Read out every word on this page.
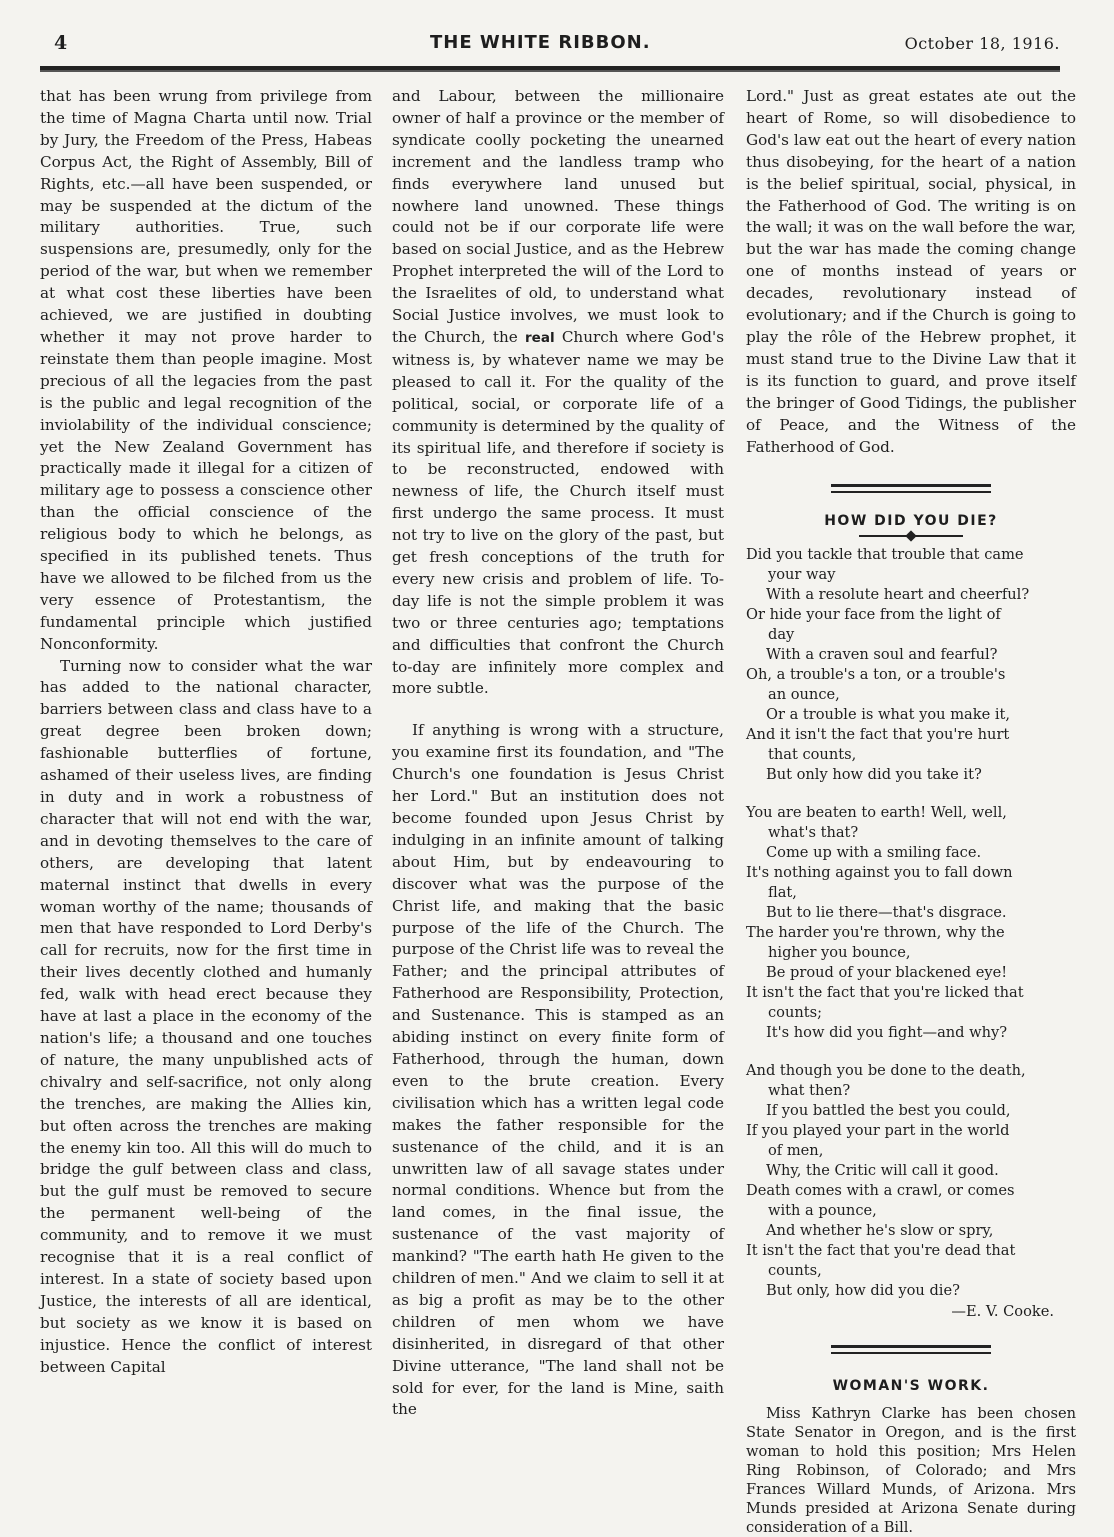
4	THE WHITE RIBBON.	October 18, 1916.

that has been wrung from privilege from the time of Magna Charta until now. Trial by Jury, the Freedom of the Press, Habeas Corpus Act, the Right of Assembly, Bill of Rights, etc.—all have been suspended, or may be suspended at the dictum of the military authorities. True, such suspensions are, presumedly, only for the period of the war, but when we remember at what cost these liberties have been achieved, we are justified in doubting whether it may not prove harder to reinstate them than people imagine. Most precious of all the legacies from the past is the public and legal recognition of the inviolability of the individual conscience; yet the New Zealand Government has practically made it illegal for a citizen of military age to possess a conscience other than the official conscience of the religious body to which he belongs, as specified in its published tenets. Thus have we allowed to be filched from us the very essence of Protestantism, the fundamental principle which justified Nonconformity.

Turning now to consider what the war has added to the national character, barriers between class and class have to a great degree been broken down; fashionable butterflies of fortune, ashamed of their useless lives, are finding in duty and in work a robustness of character that will not end with the war, and in devoting themselves to the care of others, are developing that latent maternal instinct that dwells in every woman worthy of the name; thousands of men that have responded to Lord Derby's call for recruits, now for the first time in their lives decently clothed and humanly fed, walk with head erect because they have at last a place in the economy of the nation's life; a thousand and one touches of nature, the many unpublished acts of chivalry and self-sacrifice, not only along the trenches, are making the Allies kin, but often across the trenches are making the enemy kin too. All this will do much to bridge the gulf between class and class, but the gulf must be removed to secure the permanent well-being of the community, and to remove it we must recognise that it is a real conflict of interest. In a state of society based upon Justice, the interests of all are identical, but society as we know it is based on injustice. Hence the conflict of interest between Capital

and Labour, between the millionaire owner of half a province or the member of syndicate coolly pocketing the unearned increment and the landless tramp who finds everywhere land unused but nowhere land unowned. These things could not be if our corporate life were based on social Justice, and as the Hebrew Prophet interpreted the will of the Lord to the Israelites of old, to understand what Social Justice involves, we must look to the Church, the real Church where God's witness is, by whatever name we may be pleased to call it. For the quality of the political, social, or corporate life of a community is determined by the quality of its spiritual life, and therefore if society is to be reconstructed, endowed with newness of life, the Church itself must first undergo the same process. It must not try to live on the glory of the past, but get fresh conceptions of the truth for every new crisis and problem of life. To-day life is not the simple problem it was two or three centuries ago; temptations and difficulties that confront the Church to-day are infinitely more complex and more subtle.

If anything is wrong with a structure, you examine first its foundation, and "The Church's one foundation is Jesus Christ her Lord." But an institution does not become founded upon Jesus Christ by indulging in an infinite amount of talking about Him, but by endeavouring to discover what was the purpose of the Christ life, and making that the basic purpose of the life of the Church. The purpose of the Christ life was to reveal the Father; and the principal attributes of Fatherhood are Responsibility, Protection, and Sustenance. This is stamped as an abiding instinct on every finite form of Fatherhood, through the human, down even to the brute creation. Every civilisation which has a written legal code makes the father responsible for the sustenance of the child, and it is an unwritten law of all savage states under normal conditions. Whence but from the land comes, in the final issue, the sustenance of the vast majority of mankind? "The earth hath He given to the children of men." And we claim to sell it at as big a profit as may be to the other children of men whom we have disinherited, in disregard of that other Divine utterance, "The land shall not be sold for ever, for the land is Mine, saith the

Lord." Just as great estates ate out the heart of Rome, so will disobedience to God's law eat out the heart of every nation thus disobeying, for the heart of a nation is the belief spiritual, social, physical, in the Fatherhood of God. The writing is on the wall; it was on the wall before the war, but the war has made the coming change one of months instead of years or decades, revolutionary instead of evolutionary; and if the Church is going to play the rôle of the Hebrew prophet, it must stand true to the Divine Law that it is its function to guard, and prove itself the bringer of Good Tidings, the publisher of Peace, and the Witness of the Fatherhood of God.

HOW DID YOU DIE?
Did you tackle that trouble that came
your way
With a resolute heart and cheerful?
Or hide your face from the light of
day
With a craven soul and fearful?
Oh, a trouble's a ton, or a trouble's
an ounce,
Or a trouble is what you make it,
And it isn't the fact that you're hurt
that counts,
But only how did you take it?
You are beaten to earth! Well, well,
what's that?
Come up with a smiling face.
It's nothing against you to fall down
flat,
But to lie there—that's disgrace.
The harder you're thrown, why the
higher you bounce,
Be proud of your blackened eye!
It isn't the fact that you're licked that
counts;
It's how did you fight—and why?
And though you be done to the death,
what then?
If you battled the best you could,
If you played your part in the world
of men,
Why, the Critic will call it good.
Death comes with a crawl, or comes
with a pounce,
And whether he's slow or spry,
It isn't the fact that you're dead that
counts,
But only, how did you die?
—E. V. Cooke.
WOMAN'S WORK.

Miss Kathryn Clarke has been chosen State Senator in Oregon, and is the first woman to hold this position; Mrs Helen Ring Robinson, of Colorado; and Mrs Frances Willard Munds, of Arizona. Mrs Munds presided at Arizona Senate during consideration of a Bill.
